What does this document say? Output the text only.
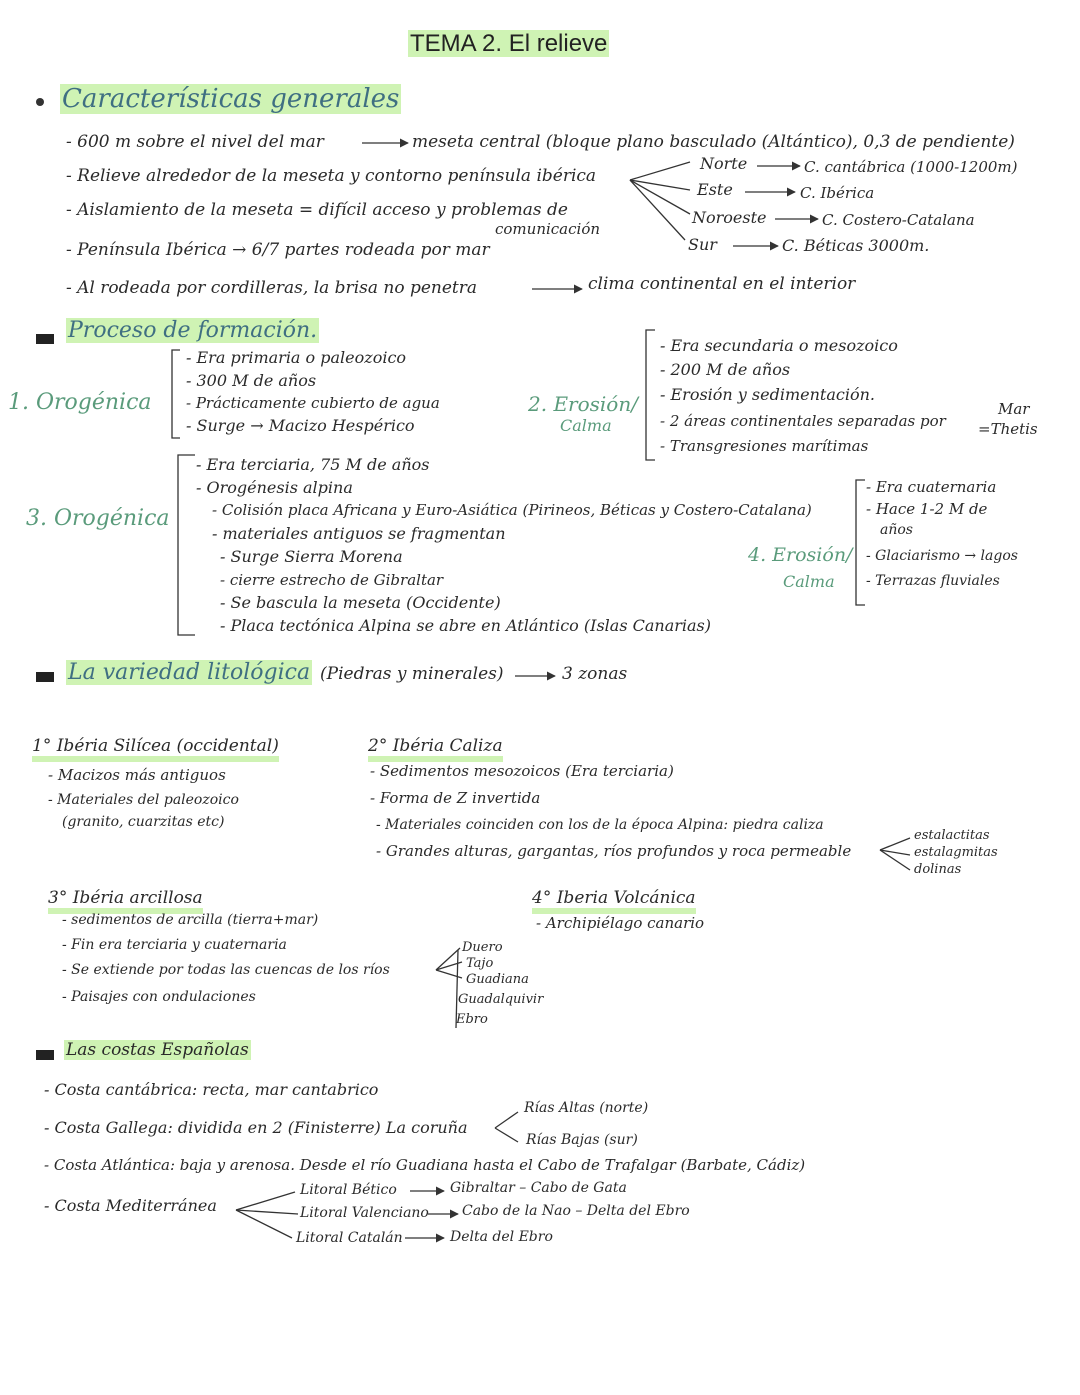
TEMA 2. El relieve
Características generales
- 600 m sobre el nivel del mar	meseta central (bloque plano basculado (Altántico), 0,3 de pendiente)
- Relieve alrededor de la meseta y contorno península ibérica
- Aislamiento de la meseta = difícil acceso y problemas de
comunicación
- Península Ibérica → 6/7 partes rodeada por mar
- Al rodeada por cordilleras, la brisa no penetra	clima continental en el interior
Norte	C. cantábrica (1000-1200m)
Este	C. Ibérica
Noroeste	C. Costero-Catalana
Sur	C. Béticas 3000m.
Proceso de formación.
1. Orogénica
- Era primaria o paleozoico
- 300 M de años
- Prácticamente cubierto de agua
- Surge → Macizo Hespérico
2. Erosión/
Calma
- Era secundaria o mesozoico
- 200 M de años
- Erosión y sedimentación.
- 2 áreas continentales separadas por
- Transgresiones marítimas
Mar
=Thetis
3. Orogénica
- Era terciaria, 75 M de años
- Orogénesis alpina
- Colisión placa Africana y Euro-Asiática (Pirineos, Béticas y Costero-Catalana)
- materiales antiguos se fragmentan
- Surge Sierra Morena
- cierre estrecho de Gibraltar
- Se bascula la meseta (Occidente)
- Placa tectónica Alpina se abre en Atlántico (Islas Canarias)
4. Erosión/
Calma
- Era cuaternaria
- Hace 1-2 M de
años
- Glaciarismo → lagos
- Terrazas fluviales
La variedad litológica (Piedras y minerales)	3 zonas
1° Ibéria Silícea (occidental)
- Macizos más antiguos
- Materiales del paleozoico
(granito, cuarzitas etc)
2° Ibéria Caliza
- Sedimentos mesozoicos (Era terciaria)
- Forma de Z invertida
- Materiales coinciden con los de la época Alpina: piedra caliza
- Grandes alturas, gargantas, ríos profundos y roca permeable
estalactitas
estalagmitas
dolinas
3° Ibéria arcillosa
- sedimentos de arcilla (tierra+mar)
- Fin era terciaria y cuaternaria
- Se extiende por todas las cuencas de los ríos
- Paisajes con ondulaciones
Duero
Tajo
Guadiana
Guadalquivir
Ebro
4° Iberia Volcánica
- Archipiélago canario
Las costas Españolas
- Costa cantábrica: recta, mar cantabrico
- Costa Gallega: dividida en 2 (Finisterre) La coruña
Rías Altas (norte)
Rías Bajas (sur)
- Costa Atlántica: baja y arenosa. Desde el río Guadiana hasta el Cabo de Trafalgar (Barbate, Cádiz)
- Costa Mediterránea
Litoral Bético	Gibraltar – Cabo de Gata
Litoral Valenciano Cabo de la Nao – Delta del Ebro
Litoral Catalán	Delta del Ebro
